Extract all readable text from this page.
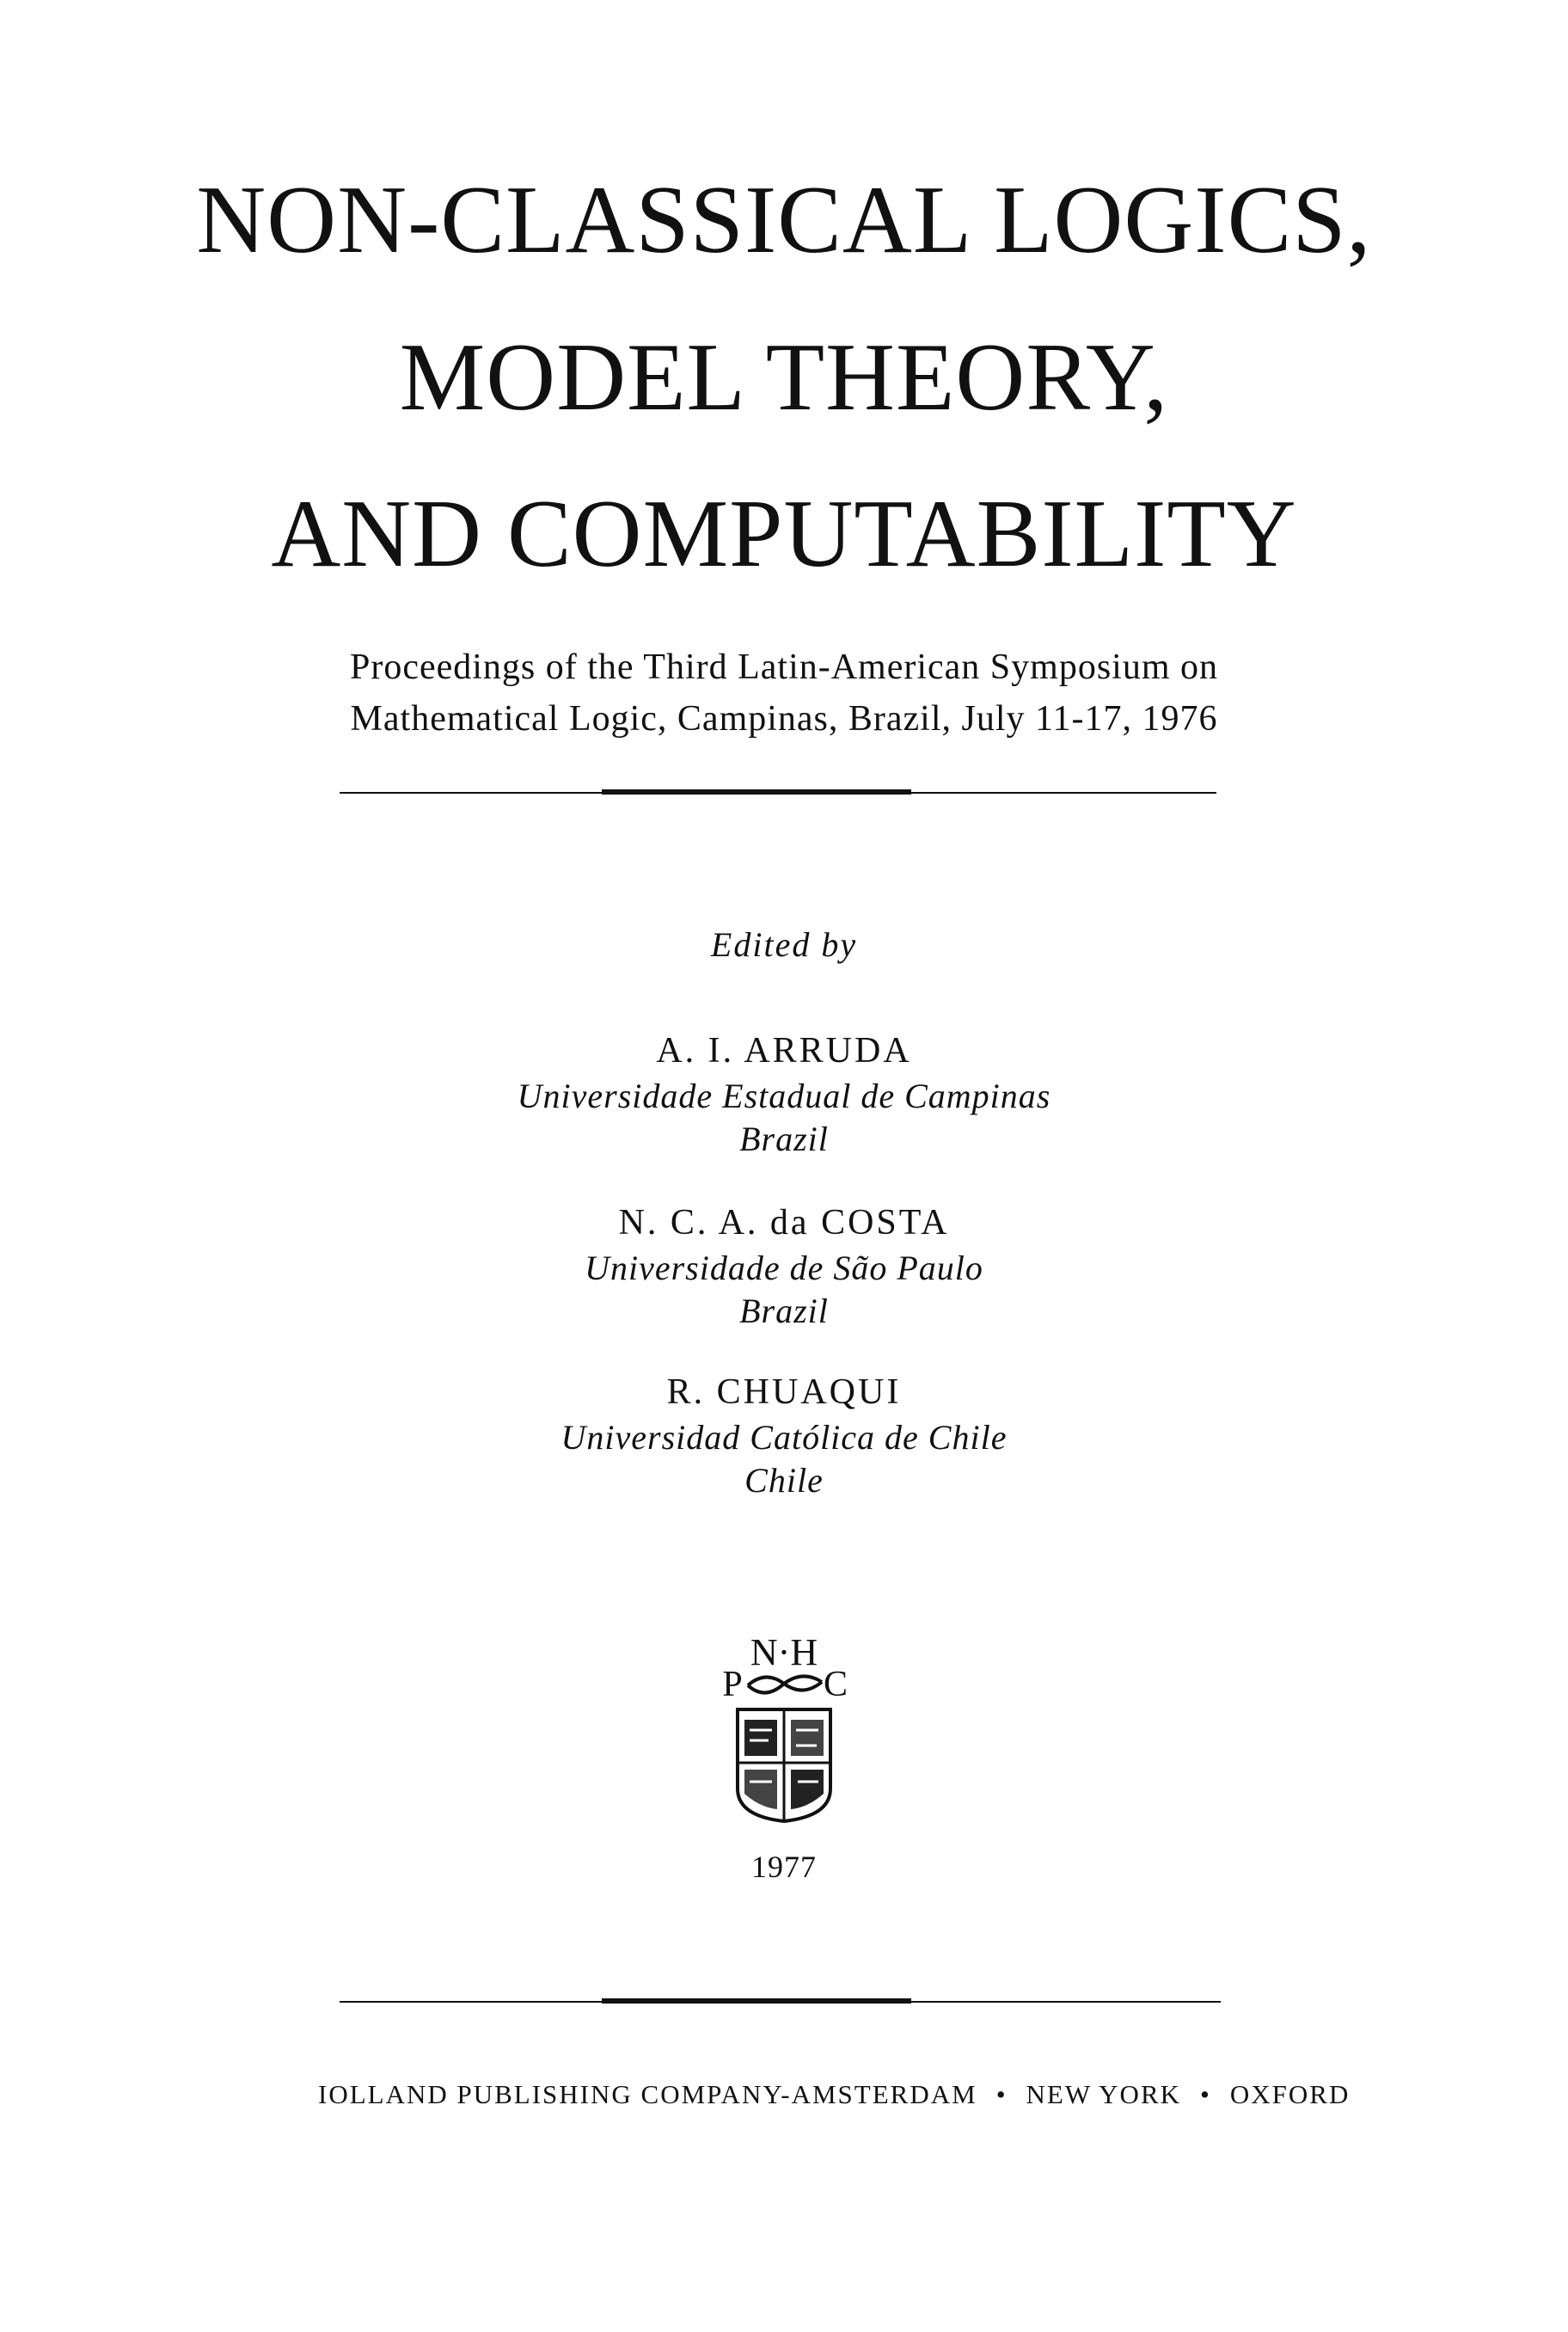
NON-CLASSICAL LOGICS,
MODEL THEORY,
AND COMPUTABILITY
Proceedings of the Third Latin-American Symposium on
Mathematical Logic, Campinas, Brazil, July 11-17, 1976
Edited by
A. I. ARRUDA
Universidade Estadual de Campinas
Brazil
N. C. A. da COSTA
Universidade de São Paulo
Brazil
R. CHUAQUI
Universidad Católica de Chile
Chile
N·H
P C
1977
IOLLAND PUBLISHING COMPANY-AMSTERDAM • NEW YORK • OXFORD
